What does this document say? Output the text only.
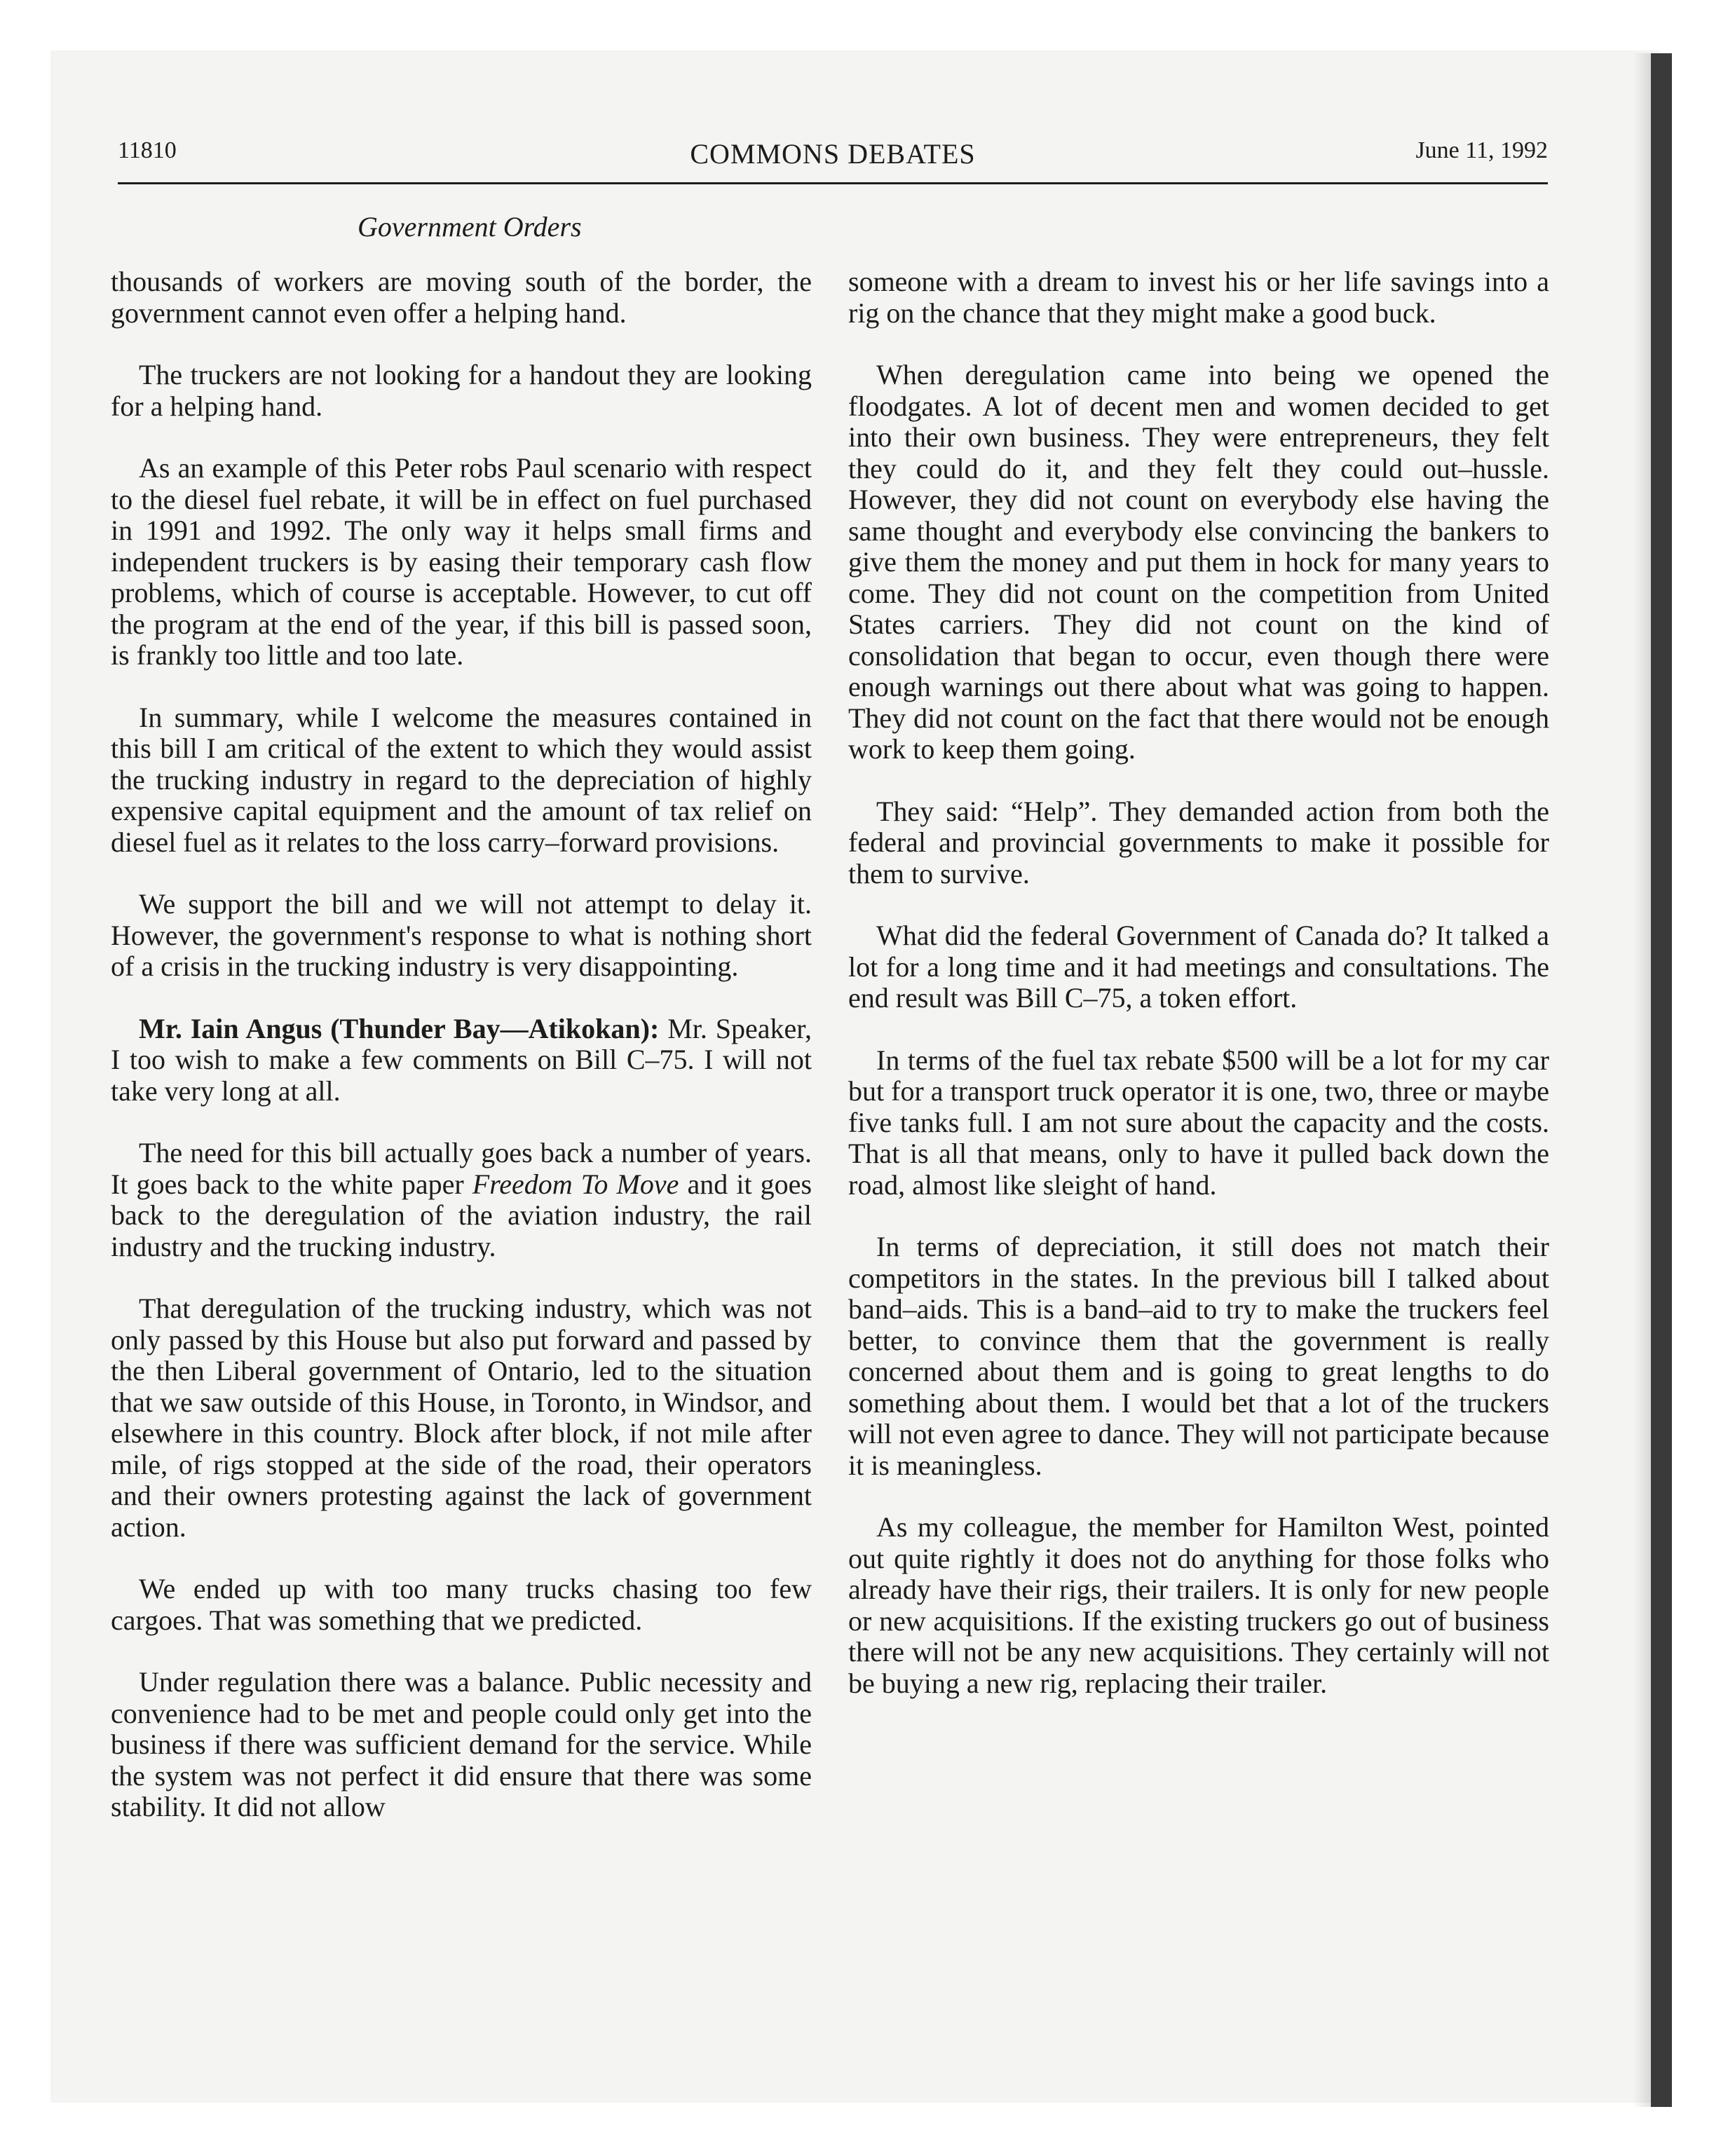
11810	COMMONS DEBATES	June 11, 1992
Government Orders

thousands of workers are moving south of the border, the government cannot even offer a helping hand.

The truckers are not looking for a handout they are looking for a helping hand.

As an example of this Peter robs Paul scenario with respect to the diesel fuel rebate, it will be in effect on fuel purchased in 1991 and 1992. The only way it helps small firms and independent truckers is by easing their temporary cash flow problems, which of course is acceptable. However, to cut off the program at the end of the year, if this bill is passed soon, is frankly too little and too late.

In summary, while I welcome the measures contained in this bill I am critical of the extent to which they would assist the trucking industry in regard to the depreciation of highly expensive capital equipment and the amount of tax relief on diesel fuel as it relates to the loss carry–forward provisions.

We support the bill and we will not attempt to delay it. However, the government's response to what is nothing short of a crisis in the trucking industry is very disappointing.

Mr. Iain Angus (Thunder Bay—Atikokan): Mr. Speaker, I too wish to make a few comments on Bill C–75. I will not take very long at all.

The need for this bill actually goes back a number of years. It goes back to the white paper Freedom To Move and it goes back to the deregulation of the aviation industry, the rail industry and the trucking industry.

That deregulation of the trucking industry, which was not only passed by this House but also put forward and passed by the then Liberal government of Ontario, led to the situation that we saw outside of this House, in Toronto, in Windsor, and elsewhere in this country. Block after block, if not mile after mile, of rigs stopped at the side of the road, their operators and their owners protesting against the lack of government action.

We ended up with too many trucks chasing too few cargoes. That was something that we predicted.

Under regulation there was a balance. Public necessity and convenience had to be met and people could only get into the business if there was sufficient demand for the service. While the system was not perfect it did ensure that there was some stability. It did not allow

someone with a dream to invest his or her life savings into a rig on the chance that they might make a good buck.

When deregulation came into being we opened the floodgates. A lot of decent men and women decided to get into their own business. They were entrepreneurs, they felt they could do it, and they felt they could out–hussle. However, they did not count on everybody else having the same thought and everybody else convincing the bankers to give them the money and put them in hock for many years to come. They did not count on the competition from United States carriers. They did not count on the kind of consolidation that began to occur, even though there were enough warnings out there about what was going to happen. They did not count on the fact that there would not be enough work to keep them going.

They said: “Help”. They demanded action from both the federal and provincial governments to make it possible for them to survive.

What did the federal Government of Canada do? It talked a lot for a long time and it had meetings and consultations. The end result was Bill C–75, a token effort.

In terms of the fuel tax rebate $500 will be a lot for my car but for a transport truck operator it is one, two, three or maybe five tanks full. I am not sure about the capacity and the costs. That is all that means, only to have it pulled back down the road, almost like sleight of hand.

In terms of depreciation, it still does not match their competitors in the states. In the previous bill I talked about band–aids. This is a band–aid to try to make the truckers feel better, to convince them that the government is really concerned about them and is going to great lengths to do something about them. I would bet that a lot of the truckers will not even agree to dance. They will not participate because it is meaningless.

As my colleague, the member for Hamilton West, pointed out quite rightly it does not do anything for those folks who already have their rigs, their trailers. It is only for new people or new acquisitions. If the existing truckers go out of business there will not be any new acquisitions. They certainly will not be buying a new rig, replacing their trailer.
